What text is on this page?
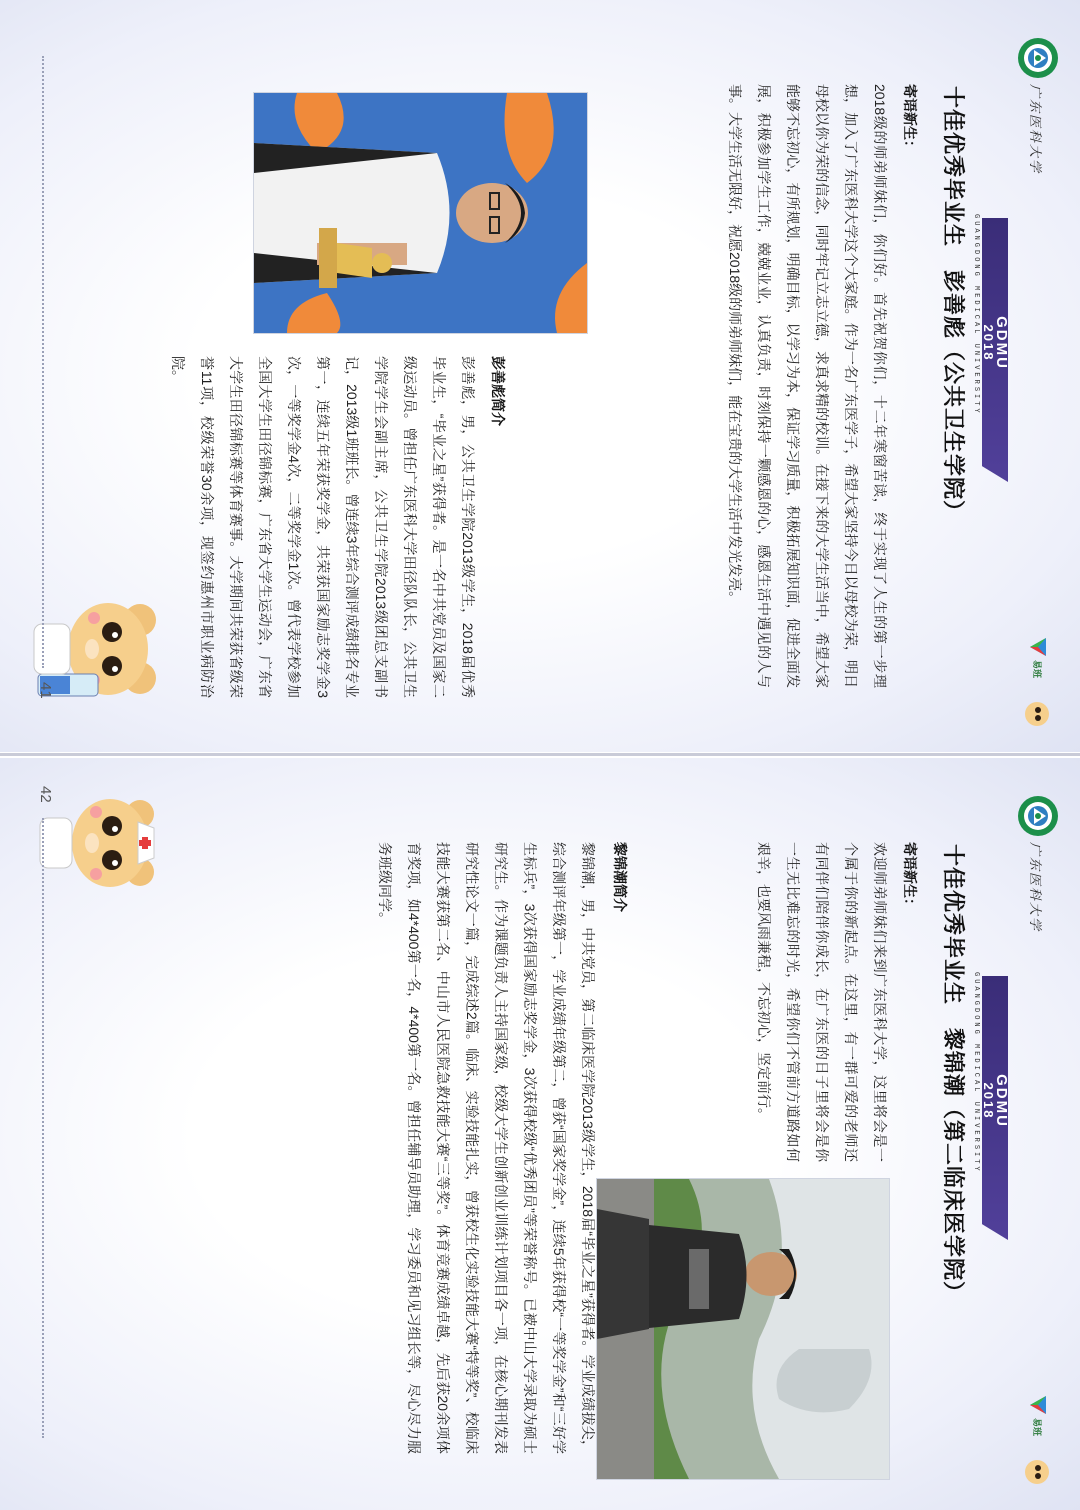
广东医科大学
GDMU
2018
GUANGDONG MEDICAL UNIVERSITY
十佳优秀毕业生　彭善彪（公共卫生学院）
寄语新生：
2018级的师弟师妹们，你们好。首先祝贺你们，十二年寒窗苦读，终于实现了人生的第一步理想，加入了广东医科大学这个大家庭。作为一名广东医学子，希望大家坚持今日以母校为荣，明日母校以你为荣的信念，同时牢记立志立德，求真求精的校训。在接下来的大学生活当中，希望大家能够不忘初心，有所规划，明确目标，以学习为本，保证学习质量，积极拓展知识面，促进全面发展，积极参加学生工作，兢兢业业，认真负责，时刻保持一颗感恩的心，感恩生活中遇见的人与事。大学生活无限好，祝愿2018级的师弟师妹们，能在宝贵的大学生活中发光发亮。
彭善彪简介
彭善彪，男，公共卫生学院2013级学生，2018届优秀毕业生，“毕业之星”获得者。是一名中共党员及国家二级运动员。曾担任广东医科大学田径队队长，公共卫生学院学生会副主席，公共卫生学院2013级团总支副书记，2013级1班班长。曾连续3年综合测评成绩排名专业第一，连续五年荣获奖学金，共荣获国家励志奖学金3次，一等奖学金4次，二等奖学金1次。曾代表学校参加全国大学生田径锦标赛，广东省大学生运动会，广东省大学生田径锦标赛等体育赛事。大学期间共荣获省级荣誉11项，校级荣誉30余项，现签约惠州市职业病防治院。
41
易班
广东医科大学
GDMU
2018
GUANGDONG MEDICAL UNIVERSITY
十佳优秀毕业生　黎锦潮（第二临床医学院）
寄语新生：
欢迎师弟师妹们来到广东医科大学，这里将会是一个属于你的新起点。在这里，有一群可爱的老师还有同伴们陪伴你成长，在广东医的日子里将会是你一生无比难忘的时光，希望你们不管前方道路如何艰辛，也要风雨兼程，不忘初心，坚定前行。
黎锦潮简介
黎锦潮，男，中共党员，第二临床医学院2013级学生，2018届“毕业之星”获得者。学业成绩拔尖，综合测评年级第一，学业成绩年级第二，曾获“国家奖学金”，连续5年获得校“一等奖学金”和“三好学生标兵”，3次获得国家励志奖学金，3次获得校级“优秀团员”等荣誉称号。已被中山大学录取为硕士研究生。作为课题负责人主持国家级，校级大学生创新创业训练计划项目各一项，在核心期刊发表研究性论文一篇，完成综述2篇。临床、实验技能扎实，曾获校生化实验技能大赛“特等奖”、校临床技能大赛获第二名、中山市人民医院急救技能大赛“三等奖”。体育竞赛成绩卓越，先后获20余项体育奖项，如4*400第一名，4*400第一名。曾担任辅导员助理，学习委员和见习组长等，尽心尽力服务班级同学。
42
易班
